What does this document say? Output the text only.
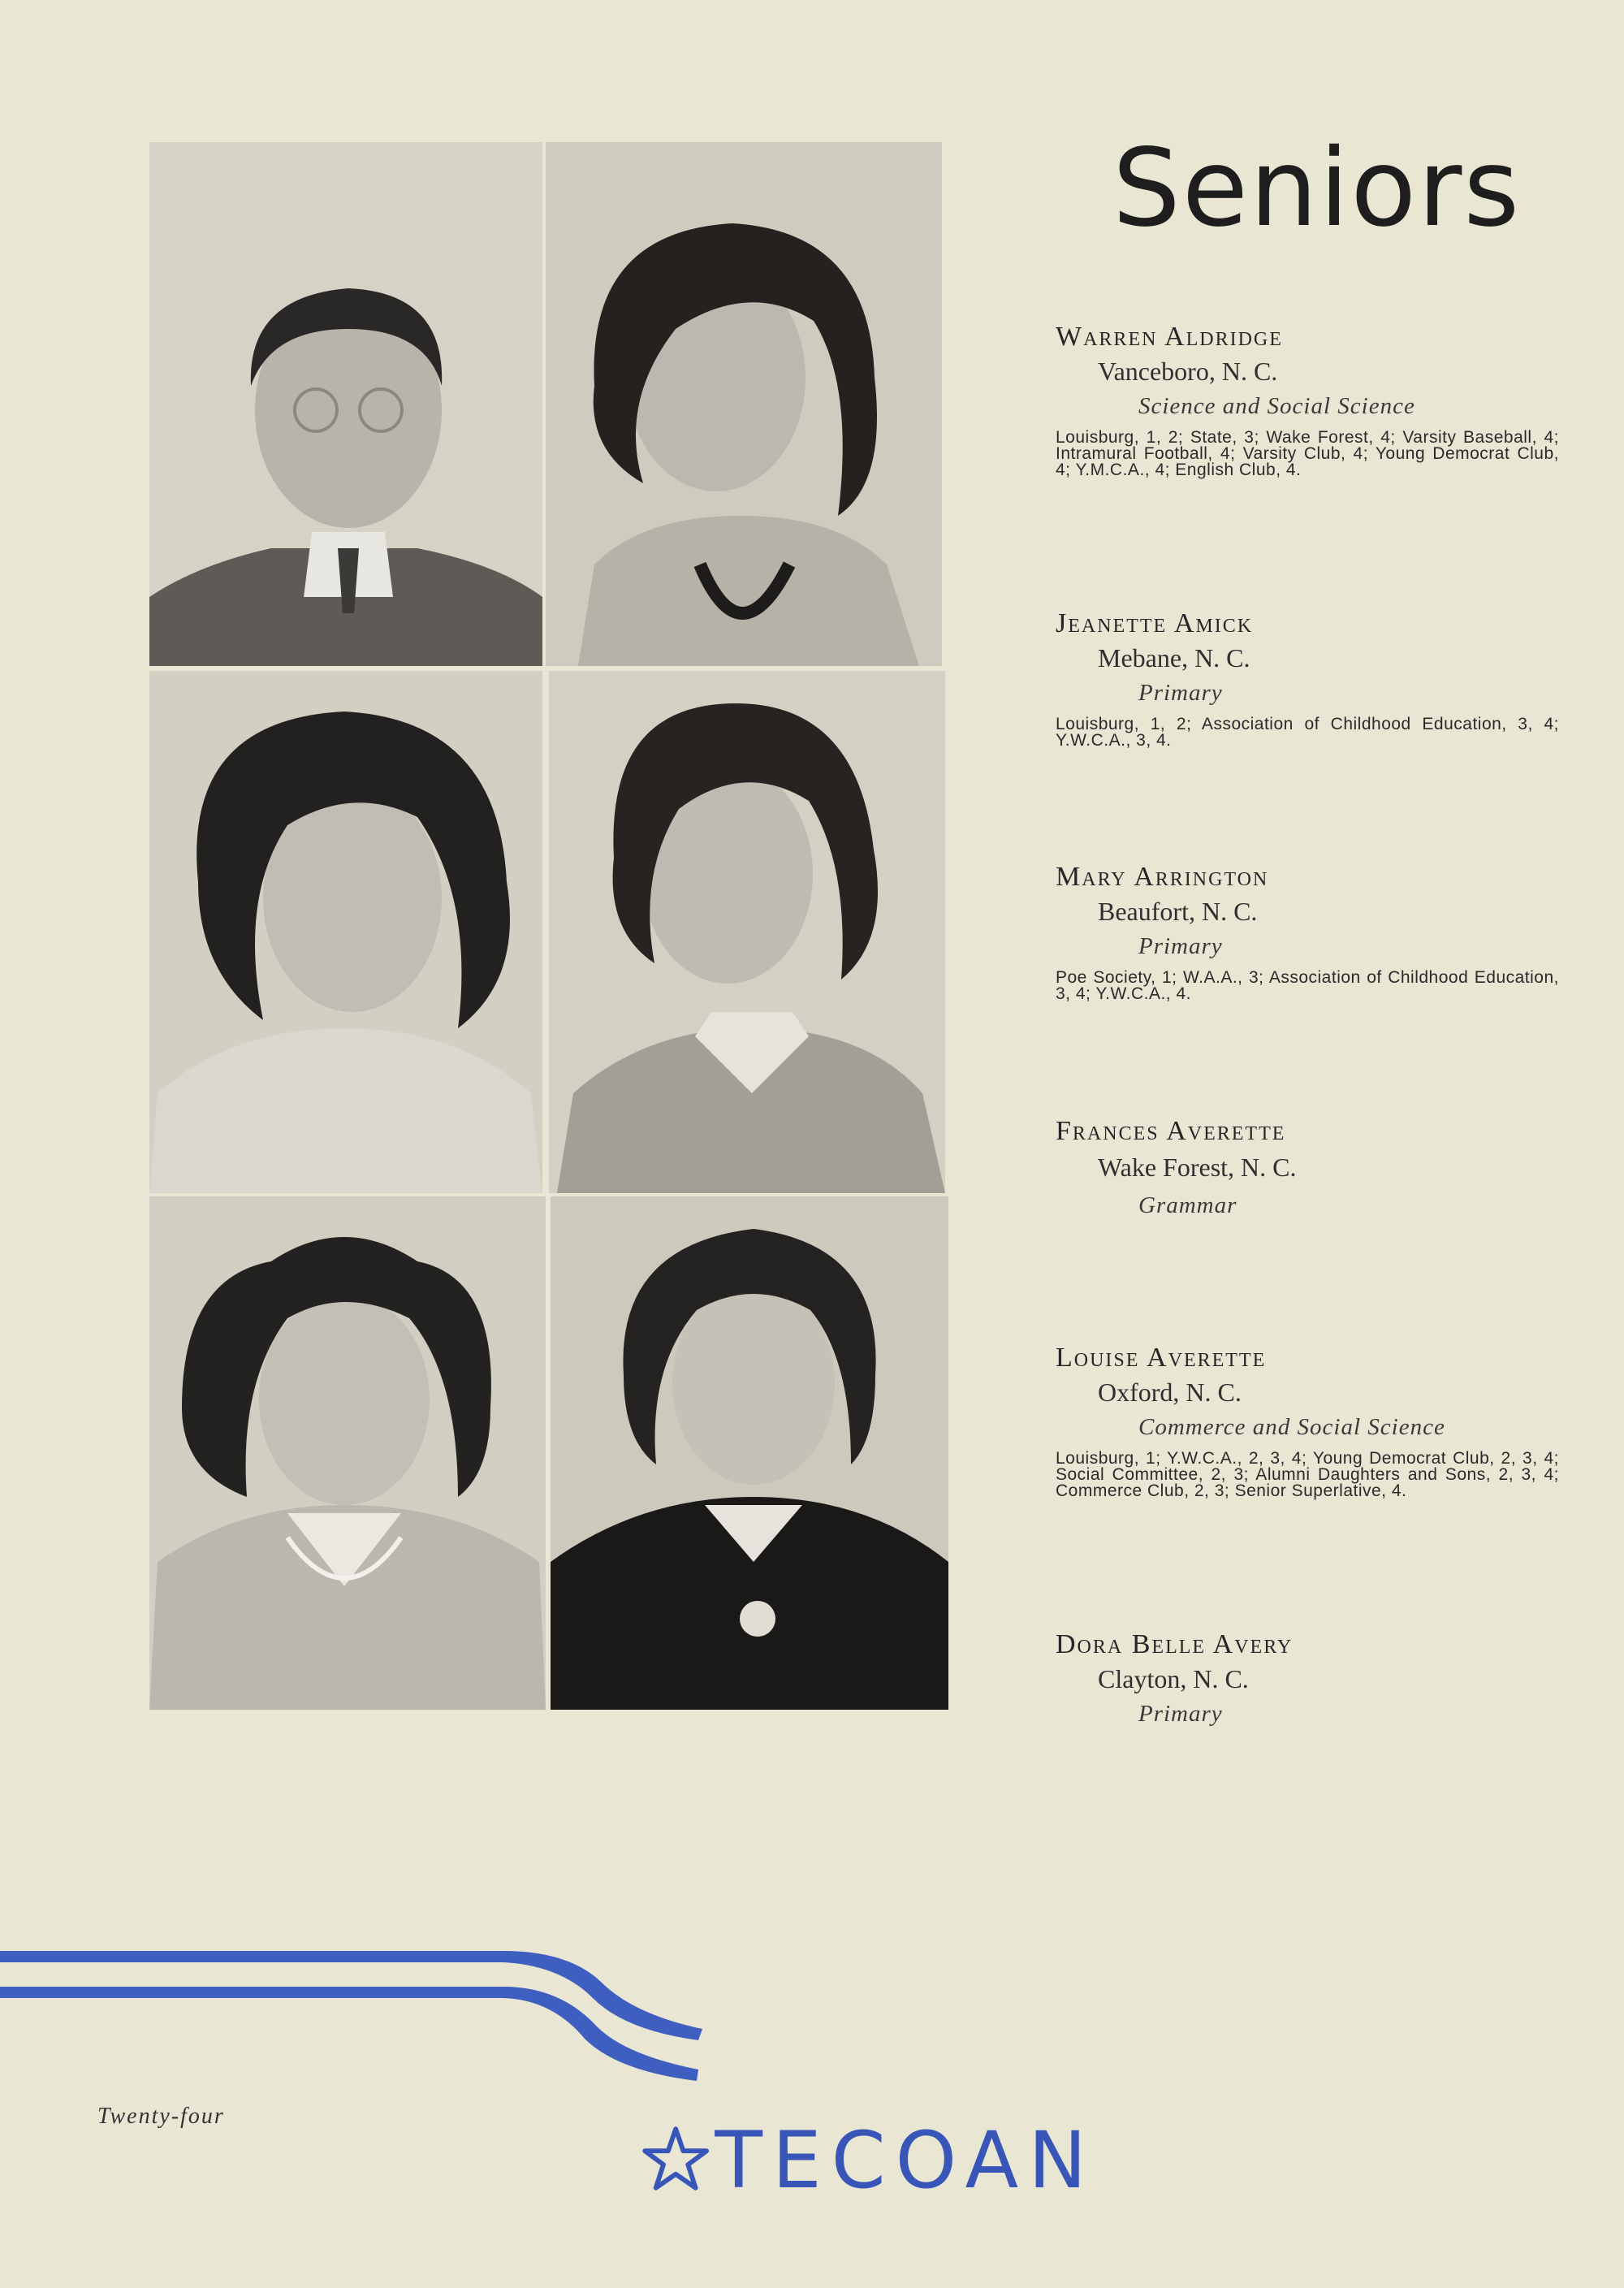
Seniors
Warren Aldridge
Vanceboro, N. C.
Science and Social Science
Louisburg, 1, 2; State, 3; Wake Forest, 4; Varsity Baseball, 4; Intramural Football, 4; Varsity Club, 4; Young Democrat Club, 4; Y.M.C.A., 4; English Club, 4.
Jeanette Amick
Mebane, N. C.
Primary
Louisburg, 1, 2; Association of Childhood Education, 3, 4; Y.W.C.A., 3, 4.
Mary Arrington
Beaufort, N. C.
Primary
Poe Society, 1; W.A.A., 3; Association of Childhood Education, 3, 4; Y.W.C.A., 4.
Frances Averette
Wake Forest, N. C.
Grammar
Louise Averette
Oxford, N. C.
Commerce and Social Science
Louisburg, 1; Y.W.C.A., 2, 3, 4; Young Democrat Club, 2, 3, 4; Social Committee, 2, 3; Alumni Daughters and Sons, 2, 3, 4; Commerce Club, 2, 3; Senior Superlative, 4.
Dora Belle Avery
Clayton, N. C.
Primary
Twenty-four	TECOAN
